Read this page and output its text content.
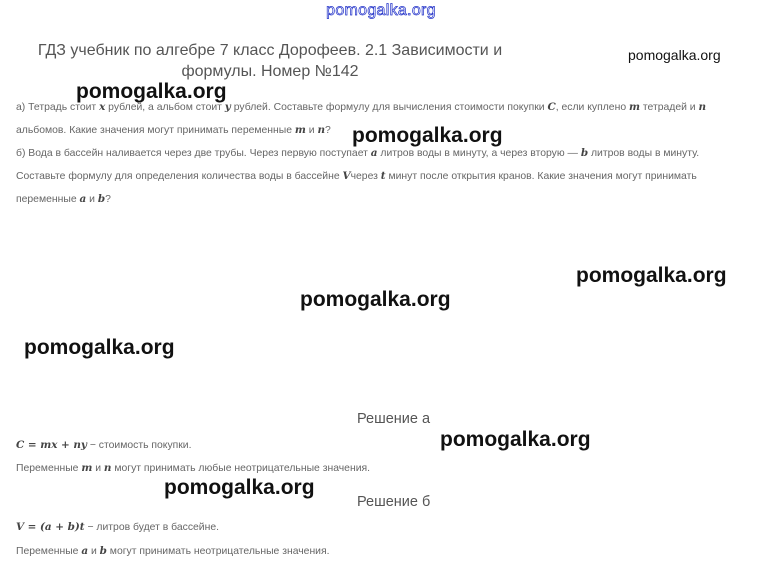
pomogalka.org
ГДЗ учебник по алгебре 7 класс Дорофеев. 2.1 Зависимости и формулы. Номер №142
pomogalka.org
pomogalka.org
pomogalka.org
pomogalka.org
pomogalka.org
pomogalka.org
pomogalka.org
pomogalka.org

а) Тетрадь стоит x рублей, а альбом стоит y рублей. Составьте формулу для вычисления стоимости покупки C, если куплено m тетрадей и n альбомов. Какие значения могут принимать переменные m и n?

б) Вода в бассейн наливается через две трубы. Через первую поступает a литров воды в минуту, а через вторую — b литров воды в минуту. Составьте формулу для определения количества воды в бассейне Vчерез t минут после открытия кранов. Какие значения могут принимать переменные a и b?

Решение а
C = mx + ny − стоимость покупки.
Переменные m и n могут принимать любые неотрицательные значения.
Решение б
V = (a + b)t − литров будет в бассейне.
Переменные a и b могут принимать неотрицательные значения.
